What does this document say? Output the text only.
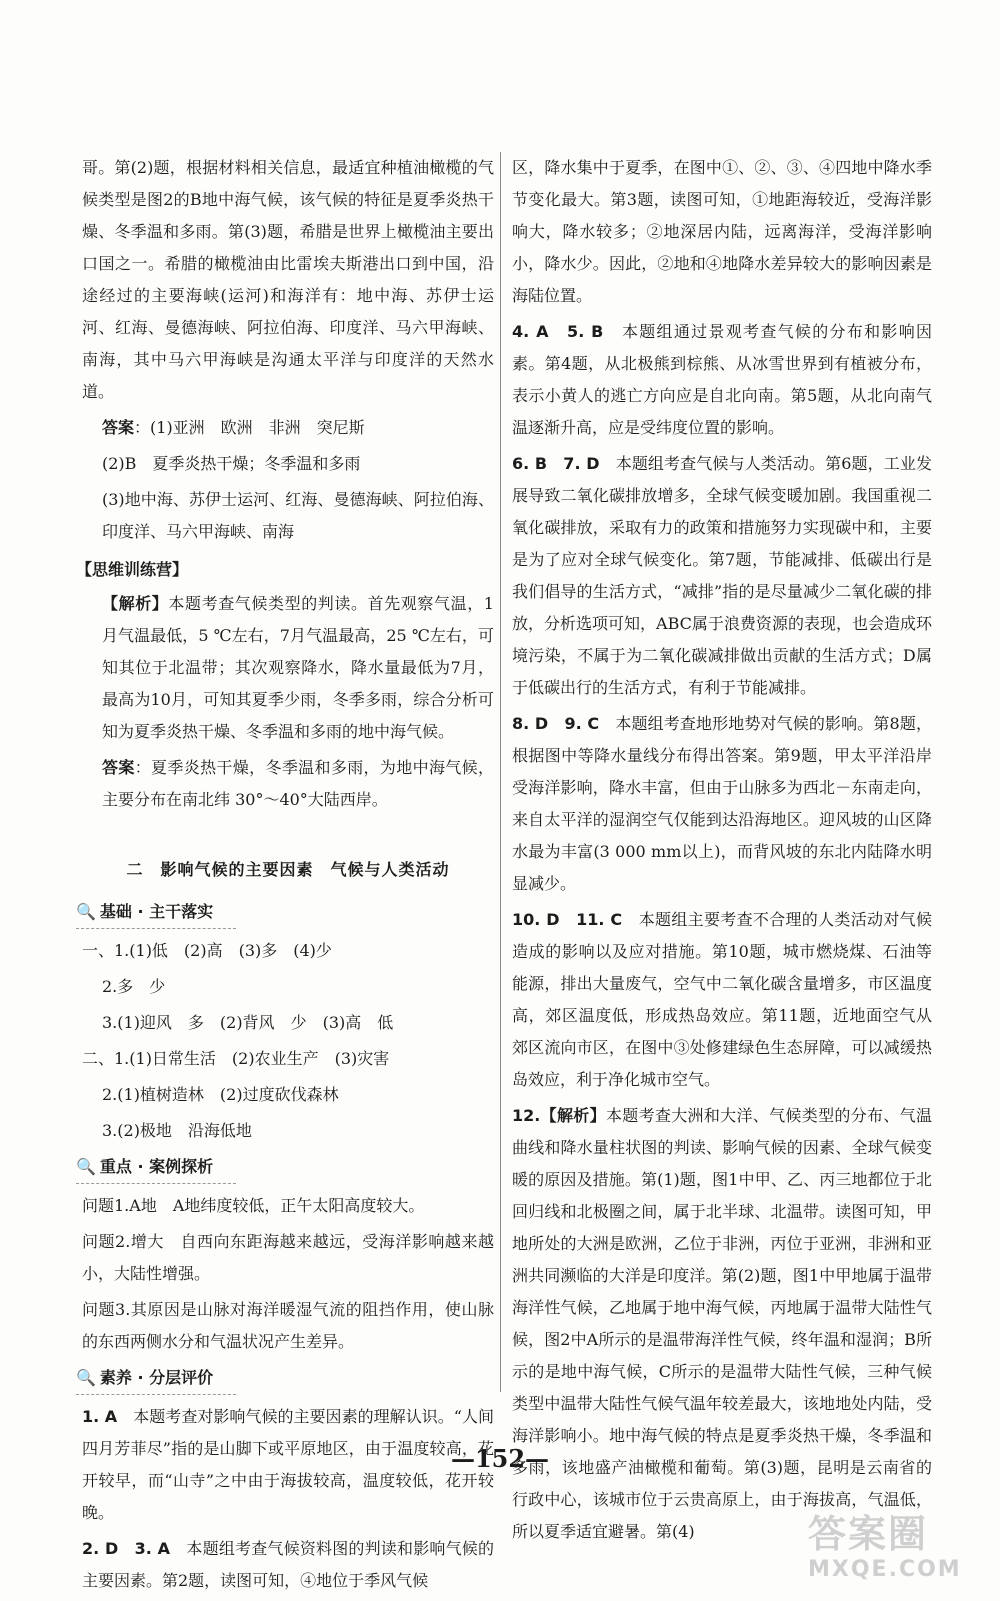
哥。第(2)题，根据材料相关信息，最适宜种植油橄榄的气候类型是图2的B地中海气候，该气候的特征是夏季炎热干燥、冬季温和多雨。第(3)题，希腊是世界上橄榄油主要出口国之一。希腊的橄榄油由比雷埃夫斯港出口到中国，沿途经过的主要海峡(运河)和海洋有：地中海、苏伊士运河、红海、曼德海峡、阿拉伯海、印度洋、马六甲海峡、南海，其中马六甲海峡是沟通太平洋与印度洋的天然水道。

答案：(1)亚洲　欧洲　非洲　突尼斯

(2)B　夏季炎热干燥；冬季温和多雨

(3)地中海、苏伊士运河、红海、曼德海峡、阿拉伯海、印度洋、马六甲海峡、南海

【思维训练营】

【解析】本题考查气候类型的判读。首先观察气温，1月气温最低，5 ℃左右，7月气温最高，25 ℃左右，可知其位于北温带；其次观察降水，降水量最低为7月，最高为10月，可知其夏季少雨，冬季多雨，综合分析可知为夏季炎热干燥、冬季温和多雨的地中海气候。

答案：夏季炎热干燥，冬季温和多雨，为地中海气候，主要分布在南北纬 30°～40°大陆西岸。

二　影响气候的主要因素　气候与人类活动
🔍 基础 · 主干落实

一、1.(1)低　(2)高　(3)多　(4)少

2.多　少

3.(1)迎风　多　(2)背风　少　(3)高　低

二、1.(1)日常生活　(2)农业生产　(3)灾害

2.(1)植树造林　(2)过度砍伐森林

3.(2)极地　沿海低地

🔍 重点 · 案例探析

问题1.A地　A地纬度较低，正午太阳高度较大。

问题2.增大　自西向东距海越来越远，受海洋影响越来越小，大陆性增强。

问题3.其原因是山脉对海洋暖湿气流的阻挡作用，使山脉的东西两侧水分和气温状况产生差异。

🔍 素养 · 分层评价

1. A　本题考查对影响气候的主要因素的理解认识。“人间四月芳菲尽”指的是山脚下或平原地区，由于温度较高，花开较早，而“山寺”之中由于海拔较高，温度较低，花开较晚。

2. D　3. A　本题组考查气候资料图的判读和影响气候的主要因素。第2题，读图可知，④地位于季风气候

区，降水集中于夏季，在图中①、②、③、④四地中降水季节变化最大。第3题，读图可知，①地距海较近，受海洋影响大，降水较多；②地深居内陆，远离海洋，受海洋影响小，降水少。因此，②地和④地降水差异较大的影响因素是海陆位置。

4. A　5. B　本题组通过景观考查气候的分布和影响因素。第4题，从北极熊到棕熊、从冰雪世界到有植被分布，表示小黄人的逃亡方向应是自北向南。第5题，从北向南气温逐渐升高，应是受纬度位置的影响。

6. B　7. D　本题组考查气候与人类活动。第6题，工业发展导致二氧化碳排放增多，全球气候变暖加剧。我国重视二氧化碳排放，采取有力的政策和措施努力实现碳中和，主要是为了应对全球气候变化。第7题，节能减排、低碳出行是我们倡导的生活方式，“减排”指的是尽量减少二氧化碳的排放，分析选项可知，ABC属于浪费资源的表现，也会造成环境污染，不属于为二氧化碳减排做出贡献的生活方式；D属于低碳出行的生活方式，有利于节能减排。

8. D　9. C　本题组考查地形地势对气候的影响。第8题，根据图中等降水量线分布得出答案。第9题，甲太平洋沿岸受海洋影响，降水丰富，但由于山脉多为西北－东南走向，来自太平洋的湿润空气仅能到达沿海地区。迎风坡的山区降水最为丰富(3 000 mm以上)，而背风坡的东北内陆降水明显减少。

10. D　11. C　本题组主要考查不合理的人类活动对气候造成的影响以及应对措施。第10题，城市燃烧煤、石油等能源，排出大量废气，空气中二氧化碳含量增多，市区温度高，郊区温度低，形成热岛效应。第11题，近地面空气从郊区流向市区，在图中③处修建绿色生态屏障，可以减缓热岛效应，利于净化城市空气。

12.【解析】本题考查大洲和大洋、气候类型的分布、气温曲线和降水量柱状图的判读、影响气候的因素、全球气候变暖的原因及措施。第(1)题，图1中甲、乙、丙三地都位于北回归线和北极圈之间，属于北半球、北温带。读图可知，甲地所处的大洲是欧洲，乙位于非洲，丙位于亚洲，非洲和亚洲共同濒临的大洋是印度洋。第(2)题，图1中甲地属于温带海洋性气候，乙地属于地中海气候，丙地属于温带大陆性气候，图2中A所示的是温带海洋性气候，终年温和湿润；B所示的是地中海气候，C所示的是温带大陆性气候，三种气候类型中温带大陆性气候气温年较差最大，该地地处内陆，受海洋影响小。地中海气候的特点是夏季炎热干燥，冬季温和多雨，该地盛产油橄榄和葡萄。第(3)题，昆明是云南省的行政中心，该城市位于云贵高原上，由于海拔高，气温低，所以夏季适宜避暑。第(4)

—152—
答案圈
MXQE.COM
